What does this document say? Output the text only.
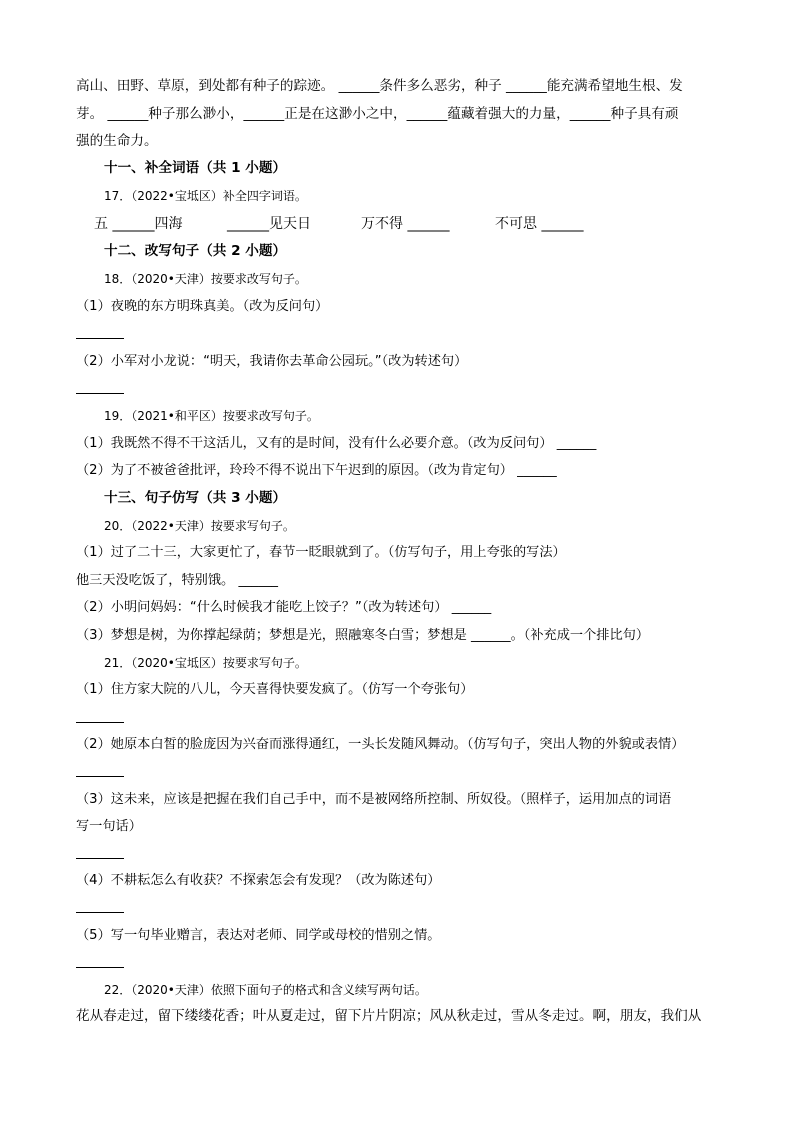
高山、田野、草原，到处都有种子的踪迹。 ______条件多么恶劣，种子 ______能充满希望地生根、发
芽。 ______种子那么渺小，______正是在这渺小之中，______蕴藏着强大的力量，______种子具有顽
强的生命力。
十一、补全词语（共 1 小题）
17．（2022•宝坻区）补全四字词语。
五 ______四海	______见天日	万不得 ______	不可思 ______
十二、改写句子（共 2 小题）
18．（2020•天津）按要求改写句子。
（1）夜晚的东方明珠真美。（改为反问句）
（2）小军对小龙说：“明天，我请你去革命公园玩。”（改为转述句）
19．（2021•和平区）按要求改写句子。
（1）我既然不得不干这活儿，又有的是时间，没有什么必要介意。（改为反问句） ______
（2）为了不被爸爸批评，玲玲不得不说出下午迟到的原因。（改为肯定句） ______
十三、句子仿写（共 3 小题）
20．（2022•天津）按要求写句子。
（1）过了二十三，大家更忙了，春节一眨眼就到了。（仿写句子，用上夸张的写法）
他三天没吃饭了，特别饿。 ______
（2）小明问妈妈：“什么时候我才能吃上饺子？”（改为转述句） ______
（3）梦想是树，为你撑起绿荫；梦想是光，照融寒冬白雪；梦想是 ______。（补充成一个排比句）
21．（2020•宝坻区）按要求写句子。
（1）住方家大院的八儿，今天喜得快要发疯了。（仿写一个夸张句）
（2）她原本白皙的脸庞因为兴奋而涨得通红，一头长发随风舞动。（仿写句子，突出人物的外貌或表情）
（3）这未来，应该是把握在我们自己手中，而不是被网络所控制、所奴役。（照样子，运用加点的词语
写一句话）
（4）不耕耘怎么有收获？不探索怎会有发现？（改为陈述句）
（5）写一句毕业赠言，表达对老师、同学或母校的惜别之情。
22．（2020•天津）依照下面句子的格式和含义续写两句话。
花从春走过，留下缕缕花香；叶从夏走过，留下片片阴凉；风从秋走过，雪从冬走过。啊，朋友，我们从
